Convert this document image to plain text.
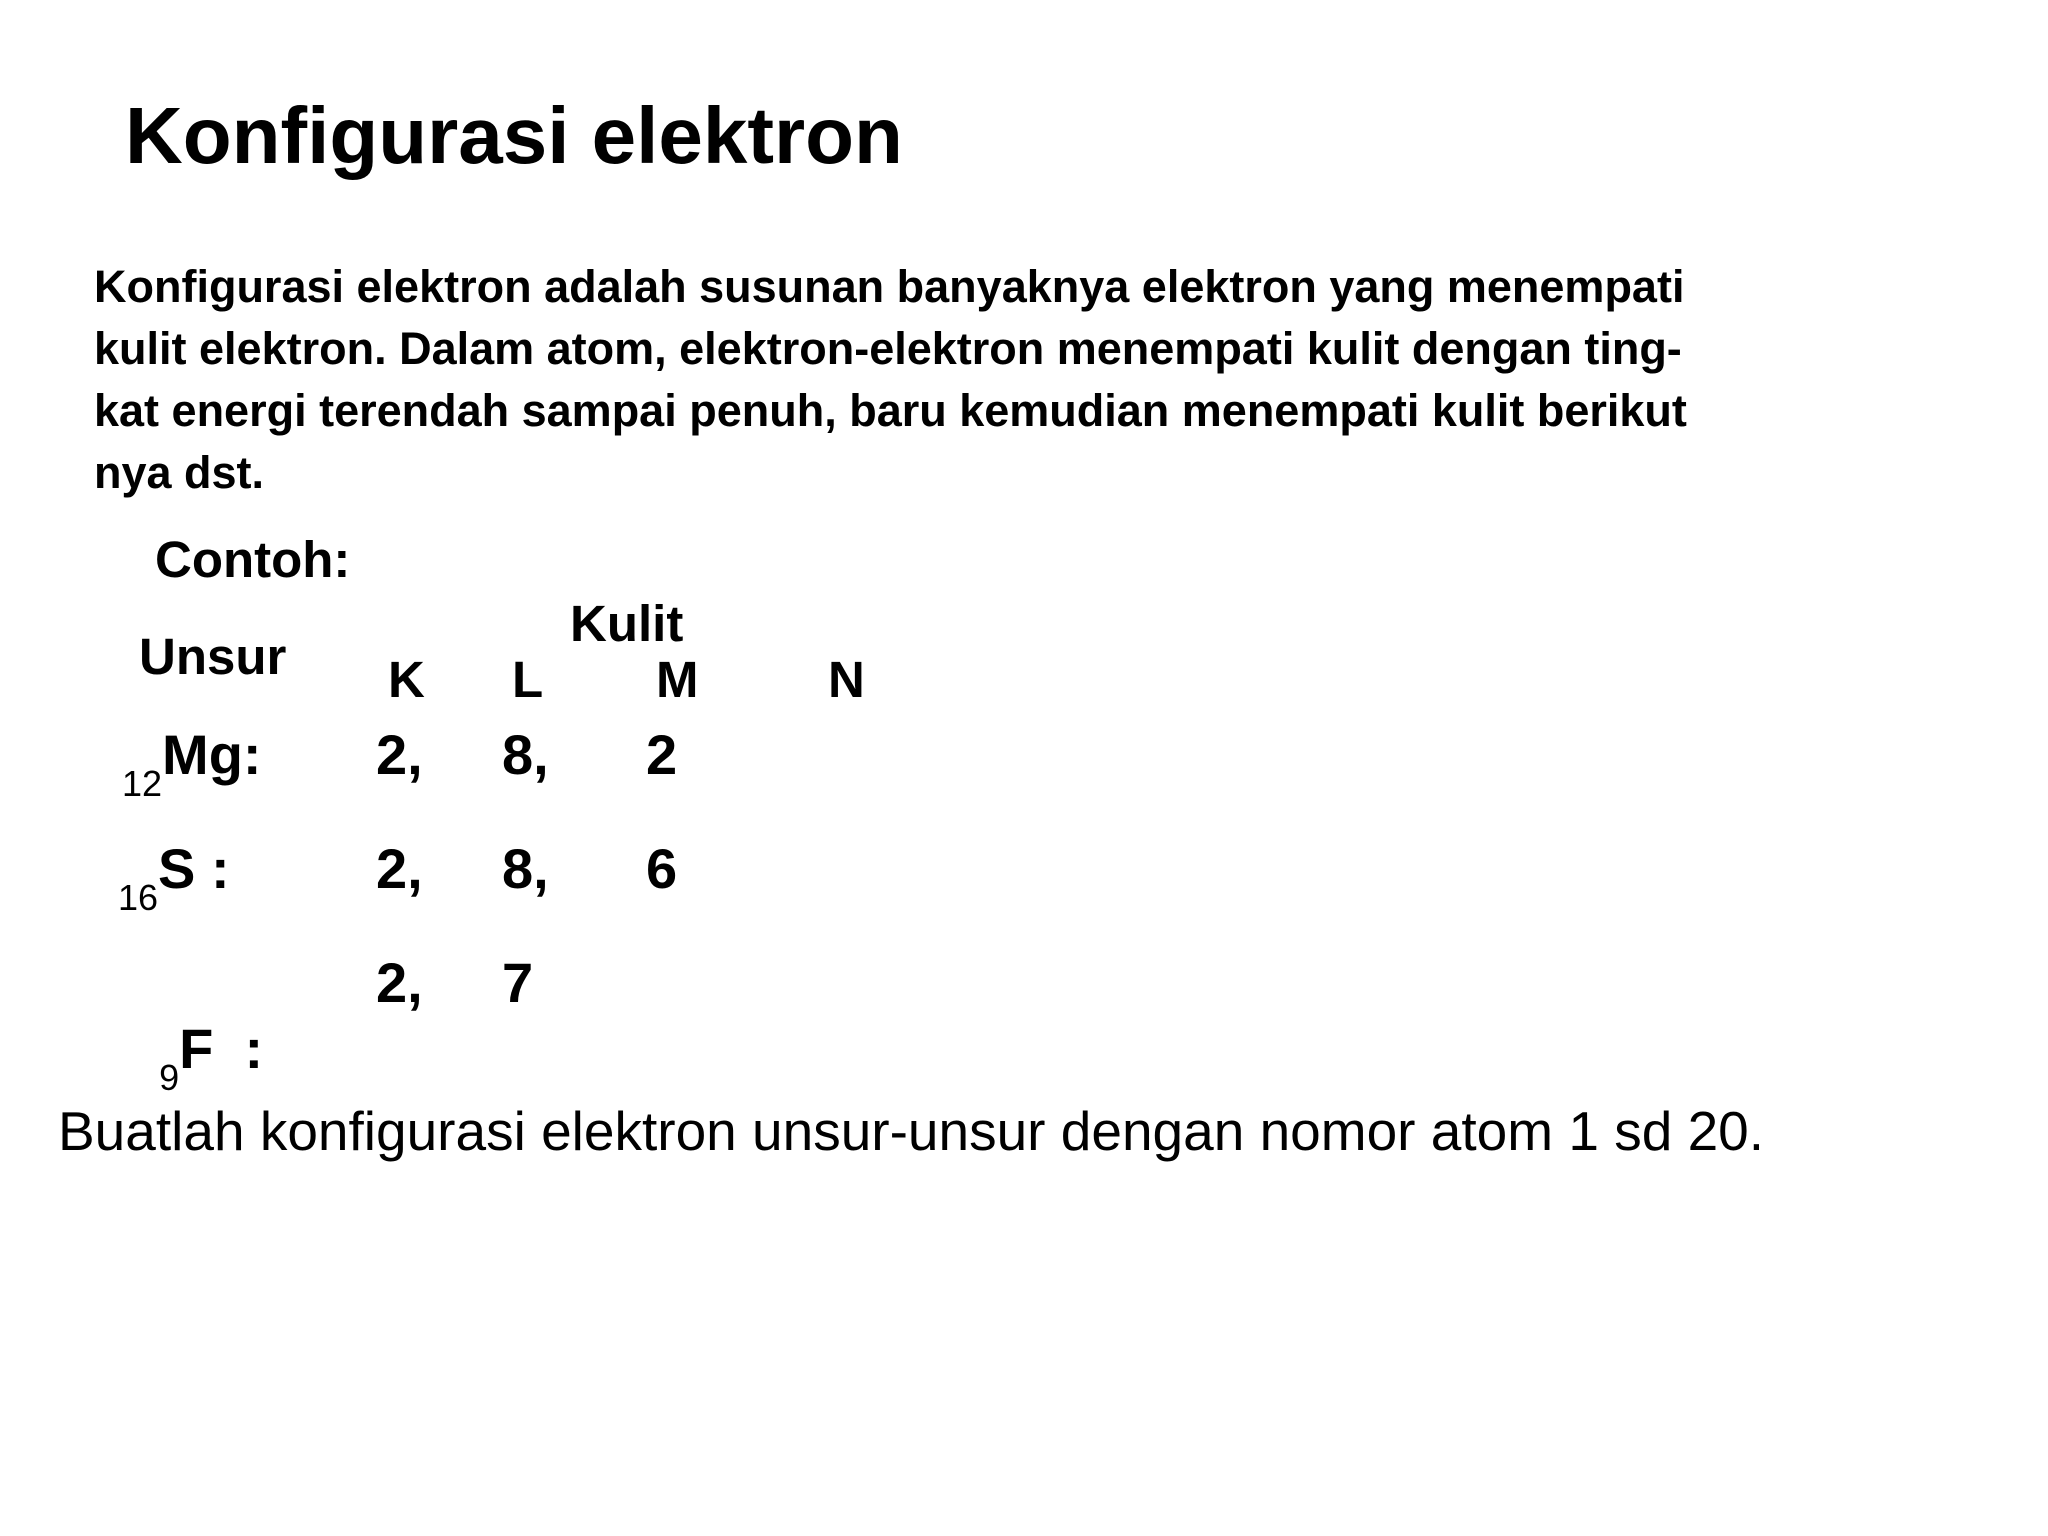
Konfigurasi elektron
Konfigurasi elektron adalah susunan banyaknya elektron yang menempati
kulit elektron. Dalam atom, elektron-elektron menempati kulit dengan ting-
kat energi terendah sampai penuh, baru kemudian menempati kulit berikut
nya dst.
Contoh:
Kulit
Unsur K L M	N
$_{12}$Mg: 2, 8, 2
$_{16}$S :	2, 8, 6

$_9$F  :

2, 7
Buatlah konfigurasi elektron unsur-unsur dengan nomor atom 1 sd 20.
